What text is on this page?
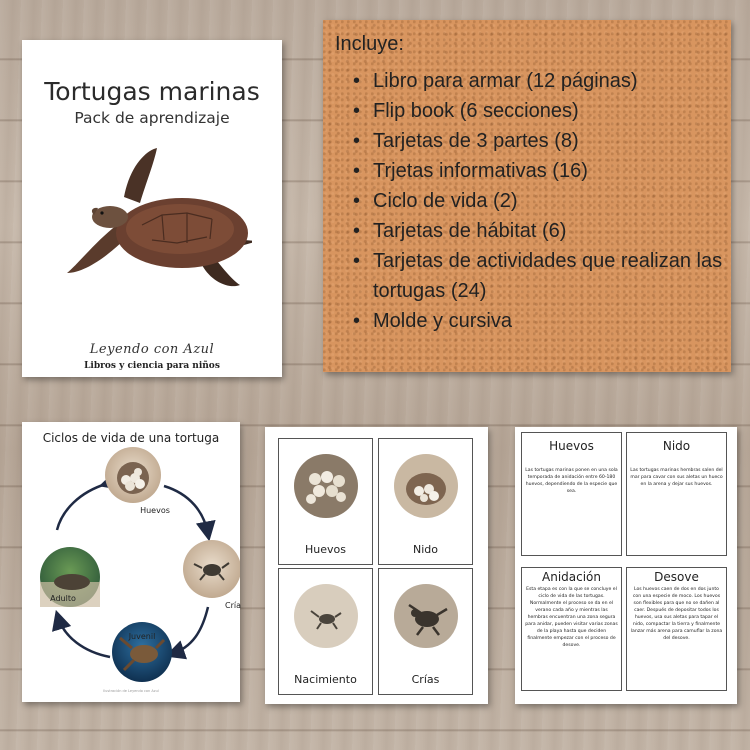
Tortugas marinas
Pack de aprendizaje
Leyendo con Azul
Libros y ciencia para niños
Incluye:
• Libro para armar (12 páginas)
• Flip book (6 secciones)
• Tarjetas de 3 partes (8)
• Trjetas informativas (16)
• Ciclo de vida (2)
• Tarjetas de hábitat (6)
• Tarjetas de actividades que realizan las tortugas (24)
• Molde y cursiva
Ciclos de vida de una tortuga
Huevos
Cría
Juvenil
Adulto
Ilustración de Leyendo con Azul
Huevos	Nido
Nacimiento	Crías
Huevos
Las tortugas marinas ponen en una sola temporada de anidación entre 60-180 huevos, dependiendo de la especie que sea.
Nido
Las tortugas marinas hembras salen del mar para cavar con sus aletas un hueco en la arena y dejar sus huevos.
Anidación
Esta etapa es con la que se concluye el ciclo de vida de las tortugas. Normalmente el proceso se da en el verano cada año y mientras las hembras encuentran una zona segura para anidar, pueden visitar varias zonas de la playa hasta que deciden finalmente empezar con el proceso de desove.
Desove
Los huevos caen de dos en dos junto con una especie de moco. Los huevos son flexibles para que no se dañen al caer. Después de depositar todos los huevos, usa sus aletas para tapar el nido, compactar la tierra y finalmente lanzar más arena para camuflar la zona del desove.
